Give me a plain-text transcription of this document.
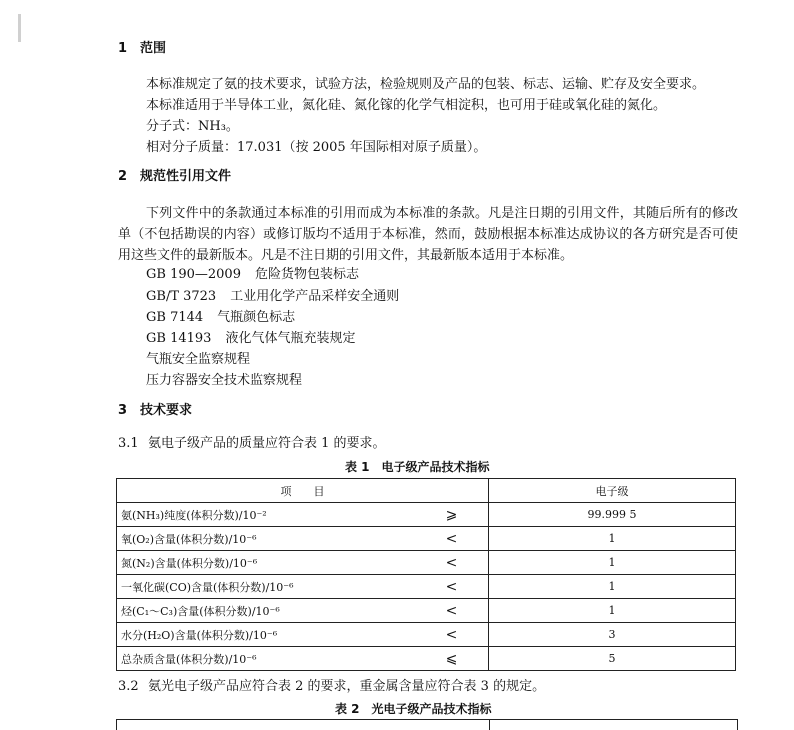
1 范围
本标准规定了氨的技术要求，试验方法，检验规则及产品的包装、标志、运输、贮存及安全要求。
本标准适用于半导体工业，氮化硅、氮化镓的化学气相淀积，也可用于硅或氧化硅的氮化。
分子式：NH₃。
相对分子质量：17.031（按 2005 年国际相对原子质量）。
2 规范性引用文件
下列文件中的条款通过本标准的引用而成为本标准的条款。凡是注日期的引用文件，其随后所有的修改单（不包括勘误的内容）或修订版均不适用于本标准，然而，鼓励根据本标准达成协议的各方研究是否可使用这些文件的最新版本。凡是不注日期的引用文件，其最新版本适用于本标准。
GB 190—2009 危险货物包装标志
GB/T 3723 工业用化学产品采样安全通则
GB 7144 气瓶颜色标志
GB 14193 液化气体气瓶充装规定
气瓶安全监察规程
压力容器安全技术监察规程
3 技术要求
3.1 氨电子级产品的质量应符合表 1 的要求。
表 1　电子级产品技术指标
项　　目		电子级
氨(NH₃)纯度(体积分数)/10⁻²	⩾	99.999 5
氧(O₂)含量(体积分数)/10⁻⁶	<	1
氮(N₂)含量(体积分数)/10⁻⁶	<	1
一氧化碳(CO)含量(体积分数)/10⁻⁶	<	1
烃(C₁～C₃)含量(体积分数)/10⁻⁶	<	1
水分(H₂O)含量(体积分数)/10⁻⁶	<	3
总杂质含量(体积分数)/10⁻⁶	⩽	5
3.2 氨光电子级产品应符合表 2 的要求，重金属含量应符合表 3 的规定。
表 2　光电子级产品技术指标
